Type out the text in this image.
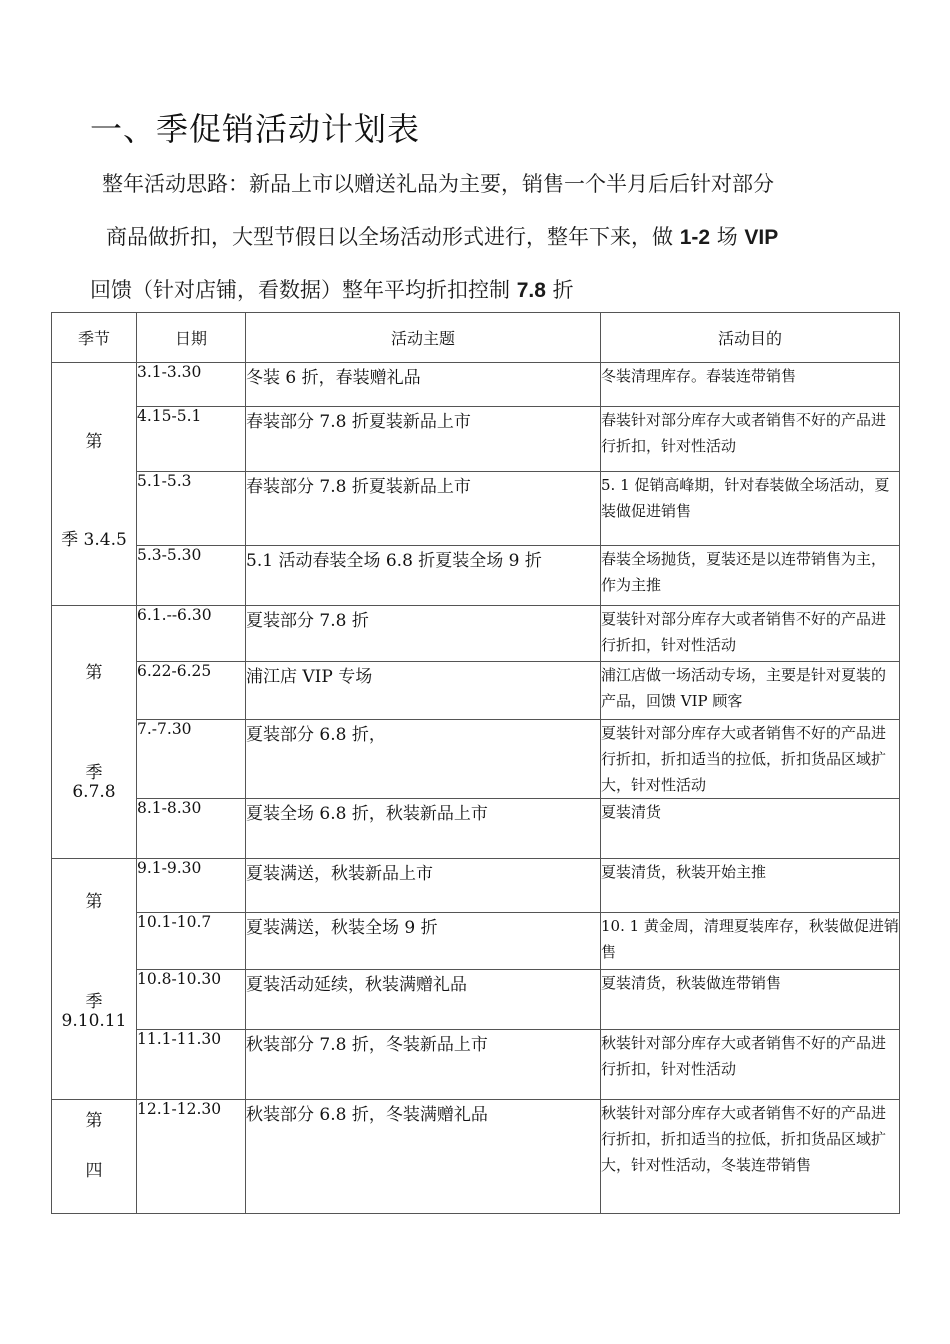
一、季促销活动计划表
整年活动思路：新品上市以赠送礼品为主要，销售一个半月后后针对部分
商品做折扣，大型节假日以全场活动形式进行，整年下来，做 1-2 场 VIP
回馈（针对店铺，看数据）整年平均折扣控制 7.8 折
季节	日期	活动主题	活动目的

第
季 3.4.5	3.1-3.30	冬装 6 折，春装赠礼品	冬装清理库存。春装连带销售
	4.15-5.1	春装部分 7.8 折夏装新品上市	春装针对部分库存大或者销售不好的产品进行折扣，针对性活动
	5.1-5.3	春装部分 7.8 折夏装新品上市	5. 1 促销高峰期，针对春装做全场活动，夏装做促进销售
	5.3-5.30	5.1 活动春装全场 6.8 折夏装全场 9 折	春装全场抛货，夏装还是以连带销售为主，作为主推

第
季
6.7.8	6.1.--6.30	夏装部分 7.8 折	夏装针对部分库存大或者销售不好的产品进行折扣，针对性活动
	6.22-6.25	浦江店 VIP 专场	浦江店做一场活动专场，主要是针对夏装的产品，回馈 VIP 顾客
	7.-7.30	夏装部分 6.8 折，	夏装针对部分库存大或者销售不好的产品进行折扣，折扣适当的拉低，折扣货品区域扩大，针对性活动
	8.1-8.30	夏装全场 6.8 折，秋装新品上市	夏装清货

第
季
9.10.11	9.1-9.30	夏装满送，秋装新品上市	夏装清货，秋装开始主推
	10.1-10.7	夏装满送，秋装全场 9 折	10. 1 黄金周，清理夏装库存，秋装做促进销售
	10.8-10.30	夏装活动延续，秋装满赠礼品	夏装清货，秋装做连带销售
	11.1-11.30	秋装部分 7.8 折，冬装新品上市	秋装针对部分库存大或者销售不好的产品进行折扣，针对性活动

第
四	12.1-12.30	秋装部分 6.8 折，冬装满赠礼品	秋装针对部分库存大或者销售不好的产品进行折扣，折扣适当的拉低，折扣货品区域扩大，针对性活动，冬装连带销售
